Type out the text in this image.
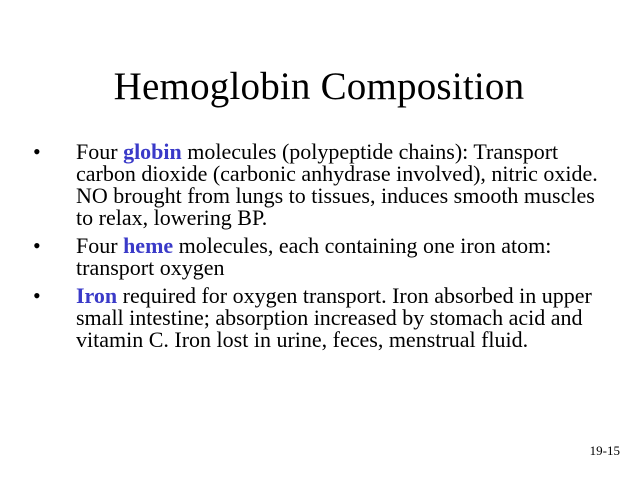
Hemoglobin Composition
• Four globin molecules (polypeptide chains): Transport carbon dioxide (carbonic anhydrase involved), nitric oxide. NO brought from lungs to tissues, induces smooth muscles to relax, lowering BP.
• Four heme molecules, each containing one iron atom: transport oxygen
• Iron required for oxygen transport. Iron absorbed in upper small intestine; absorption increased by stomach acid and vitamin C. Iron lost in urine, feces, menstrual fluid.
19-15
